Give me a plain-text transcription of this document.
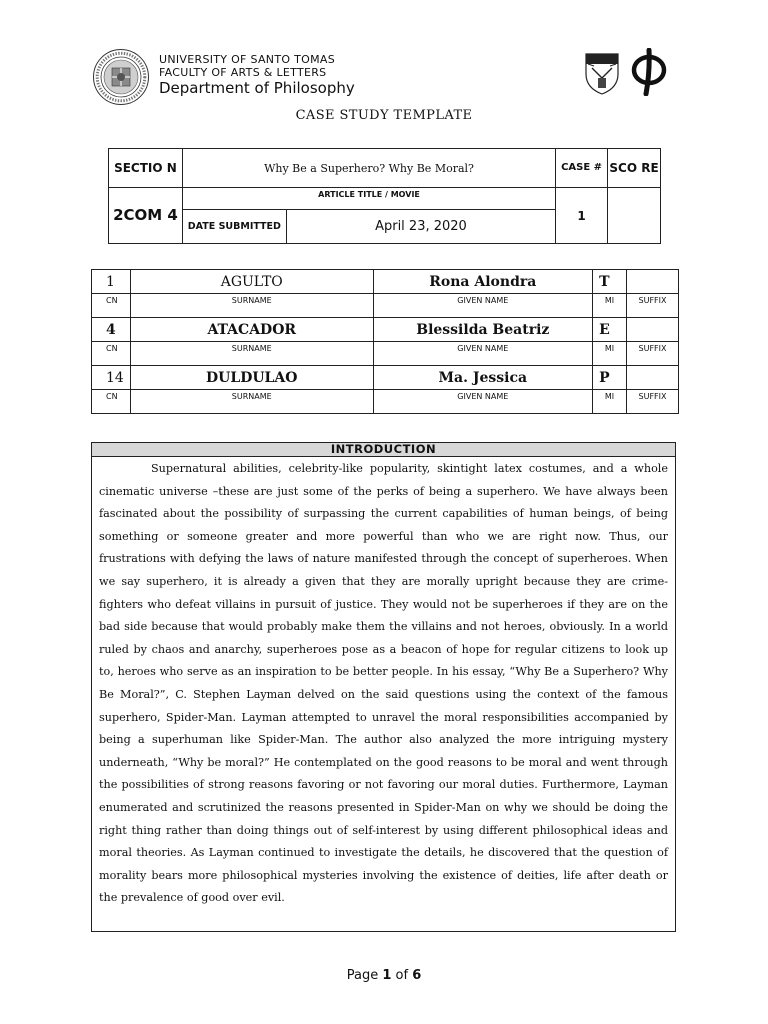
UNIVERSITY OF SANTO TOMAS
FACULTY OF ARTS & LETTERS
Department of Philosophy
CASE STUDY TEMPLATE
SECTIO N	Why Be a Superhero? Why Be Moral?		CASE #	SCO RE
2COM 4	ARTICLE TITLE / MOVIE		1	
	DATE SUBMITTED	April 23, 2020		
1	AGULTO	Rona Alondra	T	
CN	SURNAME	GIVEN NAME	MI	SUFFIX
4	ATACADOR	Blessilda Beatriz	E	
CN	SURNAME	GIVEN NAME	MI	SUFFIX
14	DULDULAO	Ma. Jessica	P	
CN	SURNAME	GIVEN NAME	MI	SUFFIX
INTRODUCTION

Supernatural abilities, celebrity-like popularity, skintight latex costumes, and a whole cinematic universe –these are just some of the perks of being a superhero. We have always been fascinated about the possibility of surpassing the current capabilities of human beings, of being something or someone greater and more powerful than who we are right now. Thus, our frustrations with defying the laws of nature manifested through the concept of superheroes. When we say superhero, it is already a given that they are morally upright because they are crime-fighters who defeat villains in pursuit of justice. They would not be superheroes if they are on the bad side because that would probably make them the villains and not heroes, obviously. In a world ruled by chaos and anarchy, superheroes pose as a beacon of hope for regular citizens to look up to, heroes who serve as an inspiration to be better people. In his essay, “Why Be a Superhero? Why Be Moral?”, C. Stephen Layman delved on the said questions using the context of the famous superhero, Spider-Man. Layman attempted to unravel the moral responsibilities accompanied by being a superhuman like Spider-Man. The author also analyzed the more intriguing mystery underneath, “Why be moral?” He contemplated on the good reasons to be moral and went through the possibilities of strong reasons favoring or not favoring our moral duties. Furthermore, Layman enumerated and scrutinized the reasons presented in Spider-Man on why we should be doing the right thing rather than doing things out of self-interest by using different philosophical ideas and moral theories. As Layman continued to investigate the details, he discovered that the question of morality bears more philosophical mysteries involving the existence of deities, life after death or the prevalence of good over evil.

Page 1 of 6
